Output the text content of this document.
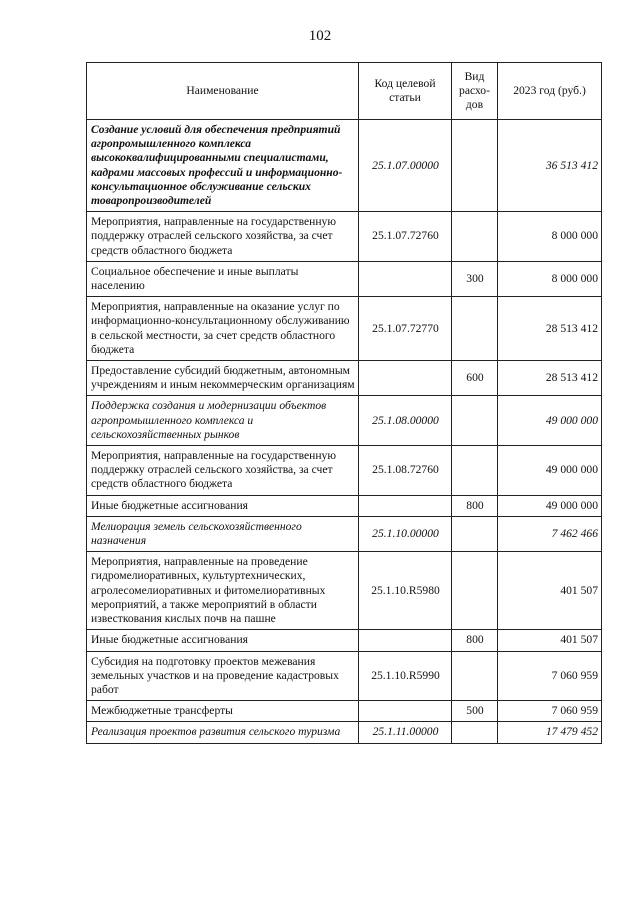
102
Наименование	Код целевой статьи	Вид расхо-дов	2023 год (руб.)
Создание условий для обеспечения предприятий агропромышленного комплекса высококвалифицированными специалистами, кадрами массовых профессий и информационно-консультационное обслуживание сельских товаропроизводителей	25.1.07.00000		36 513 412
Мероприятия, направленные на государственную поддержку отраслей сельского хозяйства, за счет средств областного бюджета	25.1.07.72760		8 000 000
Социальное обеспечение и иные выплаты населению		300	8 000 000
Мероприятия, направленные на оказание услуг по информационно-консультационному обслуживанию в сельской местности, за счет средств областного бюджета	25.1.07.72770		28 513 412
Предоставление субсидий бюджетным, автономным учреждениям и иным некоммерческим организациям		600	28 513 412
Поддержка создания и модернизации объектов агропромышленного комплекса и сельскохозяйственных рынков	25.1.08.00000		49 000 000
Мероприятия, направленные на государственную поддержку отраслей сельского хозяйства, за счет средств областного бюджета	25.1.08.72760		49 000 000
Иные бюджетные ассигнования		800	49 000 000
Мелиорация земель сельскохозяйственного назначения	25.1.10.00000		7 462 466
Мероприятия, направленные на проведение гидромелиоративных, культуртехнических, агролесомелиоративных и фитомелиоративных мероприятий, а также мероприятий в области известкования кислых почв на пашне	25.1.10.R5980		401 507
Иные бюджетные ассигнования		800	401 507
Субсидия на подготовку проектов межевания земельных участков и на проведение кадастровых работ	25.1.10.R5990		7 060 959
Межбюджетные трансферты		500	7 060 959
Реализация проектов развития сельского туризма	25.1.11.00000		17 479 452
